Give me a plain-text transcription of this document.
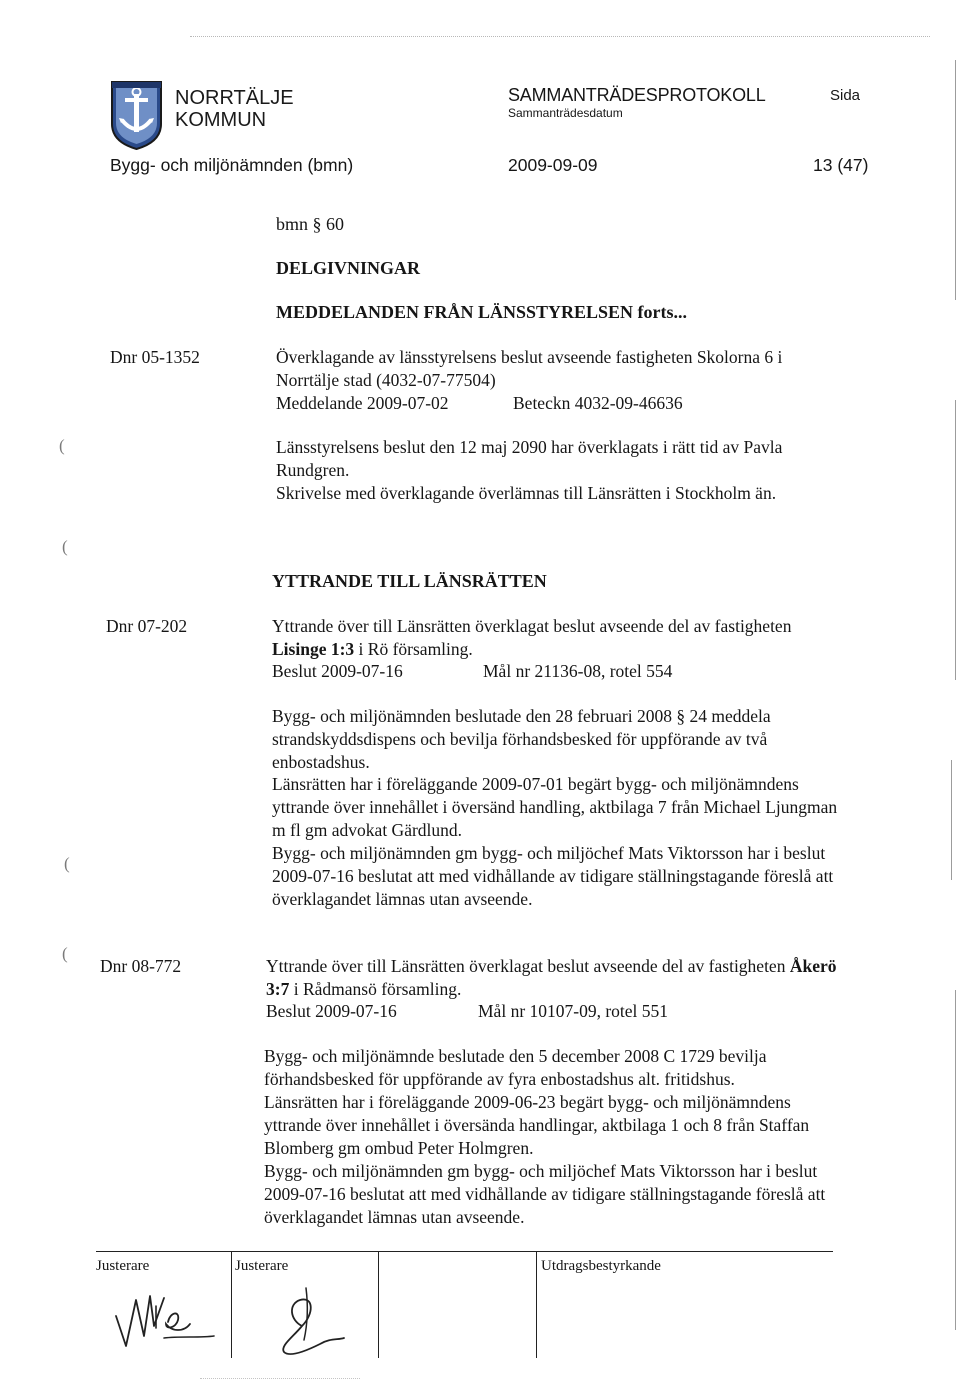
(
(
(
(
NORRTÄLJE
KOMMUN
SAMMANTRÄDESPROTOKOLL
Sammanträdesdatum
Sida
Bygg- och miljönämnden (bmn)	2009-09-09	13 (47)
bmn § 60
DELGIVNINGAR
MEDDELANDEN FRÅN LÄNSSTYRELSEN forts...
Dnr 05-1352	Överklagande av länsstyrelsens beslut avseende fastigheten Skolorna 6 i
Norrtälje stad (4032-07-77504)
Meddelande 2009-07-02	Beteckn 4032-09-46636
Länsstyrelsens beslut den 12 maj 2090 har överklagats i rätt tid av Pavla
Rundgren.
Skrivelse med överklagande överlämnas till Länsrätten i Stockholm än.
YTTRANDE TILL LÄNSRÄTTEN
Dnr 07-202	Yttrande över till Länsrätten överklagat beslut avseende del av fastigheten
Lisinge 1:3 i Rö församling.
Beslut 2009-07-16	Mål nr 21136-08, rotel 554
Bygg- och miljönämnden beslutade den 28 februari 2008 § 24 meddela
strandskyddsdispens och bevilja förhandsbesked för uppförande av två
enbostadshus.
Länsrätten har i föreläggande 2009-07-01 begärt bygg- och miljönämndens
yttrande över innehållet i översänd handling, aktbilaga 7 från Michael Ljungman
m fl gm advokat Gärdlund.
Bygg- och miljönämnden gm bygg- och miljöchef Mats Viktorsson har i beslut
2009-07-16 beslutat att med vidhållande av tidigare ställningstagande föreslå att
överklagandet lämnas utan avseende.
Dnr 08-772	Yttrande över till Länsrätten överklagat beslut avseende del av fastigheten Åkerö
3:7 i Rådmansö församling.
Beslut 2009-07-16	Mål nr 10107-09, rotel 551
Bygg- och miljönämnde beslutade den 5 december 2008 C 1729 bevilja
förhandsbesked för uppförande av fyra enbostadshus alt. fritidshus.
Länsrätten har i föreläggande 2009-06-23 begärt bygg- och miljönämndens
yttrande över innehållet i översända handlingar, aktbilaga 1 och 8 från Staffan
Blomberg gm ombud Peter Holmgren.
Bygg- och miljönämnden gm bygg- och miljöchef Mats Viktorsson har i beslut
2009-07-16 beslutat att med vidhållande av tidigare ställningstagande föreslå att
överklagandet lämnas utan avseende.
Justerare	Justerare	Utdragsbestyrkande
